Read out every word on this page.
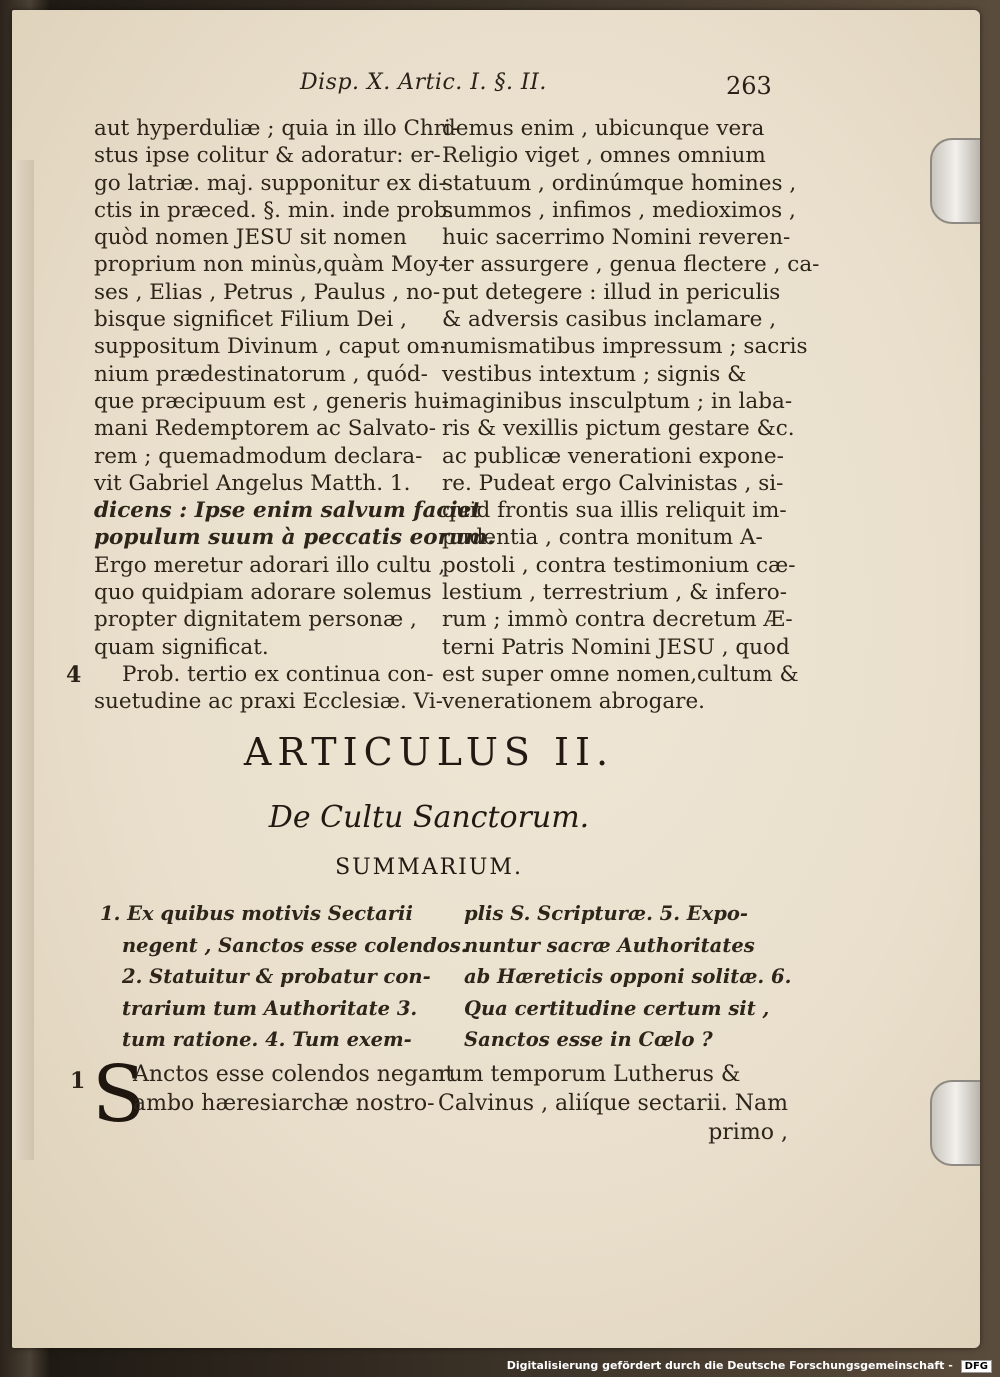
Disp. X. Artic. I. §. II.	263
aut hyperduliæ ; quia in illo Chri-
stus ipse colitur & adoratur: er-
go latriæ. maj. supponitur ex di-
ctis in præced. §. min. inde prob.
quòd nomen JESU sit nomen
proprium non minùs,quàm Moy-
ses , Elias , Petrus , Paulus , no-
bisque significet Filium Dei ,
suppositum Divinum , caput om-
nium prædestinatorum , quód-
que præcipuum est , generis hu-
mani Redemptorem ac Salvato-
rem ; quemadmodum declara-
vit Gabriel Angelus Matth. 1.
dicens : Ipse enim salvum faciet
populum suum à peccatis eorum.
Ergo meretur adorari illo cultu ,
quo quidpiam adorare solemus
propter dignitatem personæ ,
quam significat.
Prob. tertio ex continua con-
suetudine ac praxi Ecclesiæ. Vi-
4
demus enim , ubicunque vera
Religio viget , omnes omnium
statuum , ordinúmque homines ,
summos , infimos , medioximos ,
huic sacerrimo Nomini reveren-
ter assurgere , genua flectere , ca-
put detegere : illud in periculis
& adversis casibus inclamare ,
numismatibus impressum ; sacris
vestibus intextum ; signis &
imaginibus insculptum ; in laba-
ris & vexillis pictum gestare &c.
ac publicæ venerationi expone-
re. Pudeat ergo Calvinistas , si-
quid frontis sua illis reliquit im-
pudentia , contra monitum A-
postoli , contra testimonium cæ-
lestium , terrestrium , & infero-
rum ; immò contra decretum Æ-
terni Patris Nomini JESU , quod
est super omne nomen,cultum &
venerationem abrogare.
ARTICULUS II.
De Cultu Sanctorum.
SUMMARIUM.
1. Ex quibus motivis Sectarii
negent , Sanctos esse colendos.
2. Statuitur & probatur con-
trarium tum Authoritate 3.
tum ratione. 4. Tum exem-
plis S. Scripturæ. 5. Expo-
nuntur sacræ Authoritates
ab Hæreticis opponi solitæ. 6.
Qua certitudine certum sit ,
Sanctos esse in Cœlo ?
1 S
Anctos esse colendos negant
ambo hæresiarchæ nostro-
rum temporum Lutherus &
Calvinus , aliíque sectarii. Nam
primo ,
Digitalisierung gefördert durch die Deutsche Forschungsgemeinschaft - DFG
